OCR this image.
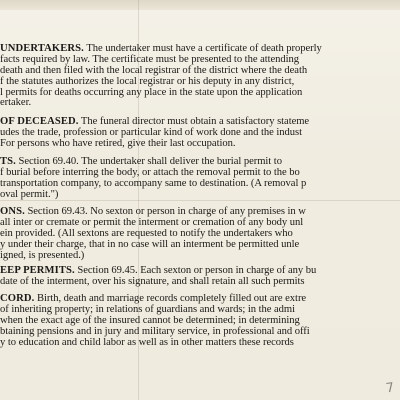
UNDERTAKERS. The undertaker must have a certificate of death properly
facts required by law. The certificate must be presented to the attending
death and then filed with the local registrar of the district where the death
f the statutes authorizes the local registrar or his deputy in any district,
l permits for deaths occurring any place in the state upon the application
ertaker.
OF DECEASED. The funeral director must obtain a satisfactory stateme
udes the trade, profession or particular kind of work done and the indust
For persons who have retired, give their last occupation.
TS. Section 69.40. The undertaker shall deliver the burial permit to
f burial before interring the body, or attach the removal permit to the bo
transportation company, to accompany same to destination. (A removal p
oval permit.")
ONS. Section 69.43. No sexton or person in charge of any premises in w
all inter or cremate or permit the interment or cremation of any body unl
ein provided. (All sextons are requested to notify the undertakers who
y under their charge, that in no case will an interment be permitted unle
igned, is presented.)
EEP PERMITS. Section 69.45. Each sexton or person in charge of any bu
date of the interment, over his signature, and shall retain all such permits
CORD. Birth, death and marriage records completely filled out are extre
of inheriting property; in relations of guardians and wards; in the admi
when the exact age of the insured cannot be determined; in determining
btaining pensions and in jury and military service, in professional and offi
y to education and child labor as well as in other matters these records
7
